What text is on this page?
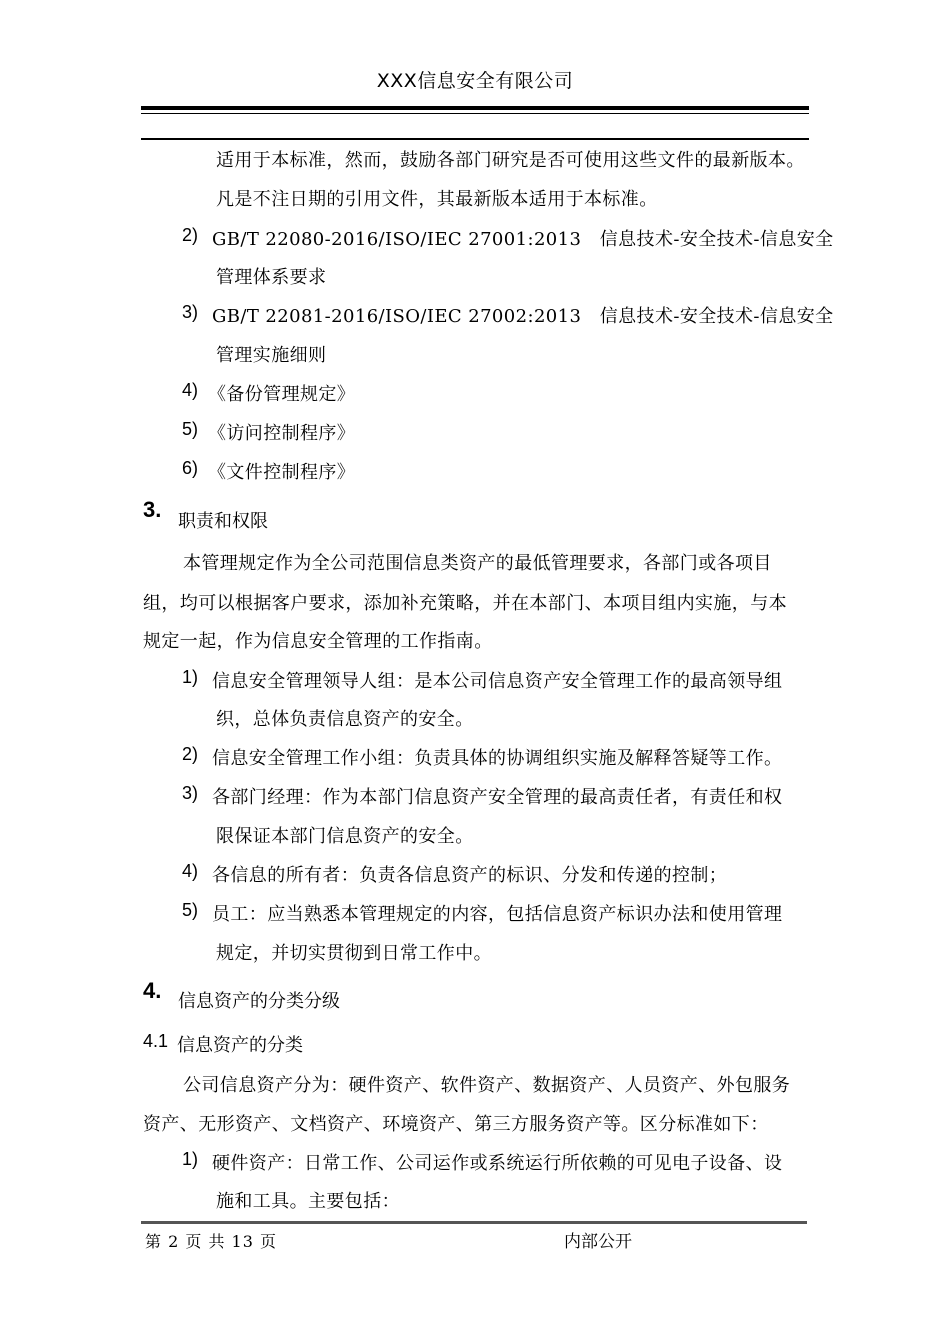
XXX信息安全有限公司
适用于本标准，然而，鼓励各部门研究是否可使用这些文件的最新版本。
凡是不注日期的引用文件，其最新版本适用于本标准。
2) GB/T 22080-2016/ISO/IEC 27001:2013　信息技术-安全技术-信息安全
管理体系要求
3) GB/T 22081-2016/ISO/IEC 27002:2013　信息技术-安全技术-信息安全
管理实施细则
4) 《备份管理规定》
5) 《访问控制程序》
6) 《文件控制程序》
3. 职责和权限
本管理规定作为全公司范围信息类资产的最低管理要求，各部门或各项目
组，均可以根据客户要求，添加补充策略，并在本部门、本项目组内实施，与本
规定一起，作为信息安全管理的工作指南。
1) 信息安全管理领导人组：是本公司信息资产安全管理工作的最高领导组
织，总体负责信息资产的安全。
2) 信息安全管理工作小组：负责具体的协调组织实施及解释答疑等工作。
3) 各部门经理：作为本部门信息资产安全管理的最高责任者，有责任和权
限保证本部门信息资产的安全。
4) 各信息的所有者：负责各信息资产的标识、分发和传递的控制；
5) 员工：应当熟悉本管理规定的内容，包括信息资产标识办法和使用管理
规定，并切实贯彻到日常工作中。
4. 信息资产的分类分级
4.1 信息资产的分类
公司信息资产分为：硬件资产、软件资产、数据资产、人员资产、外包服务
资产、无形资产、文档资产、环境资产、第三方服务资产等。区分标准如下：
1) 硬件资产：日常工作、公司运作或系统运行所依赖的可见电子设备、设
施和工具。主要包括：
第 2 页 共 13 页	内部公开
